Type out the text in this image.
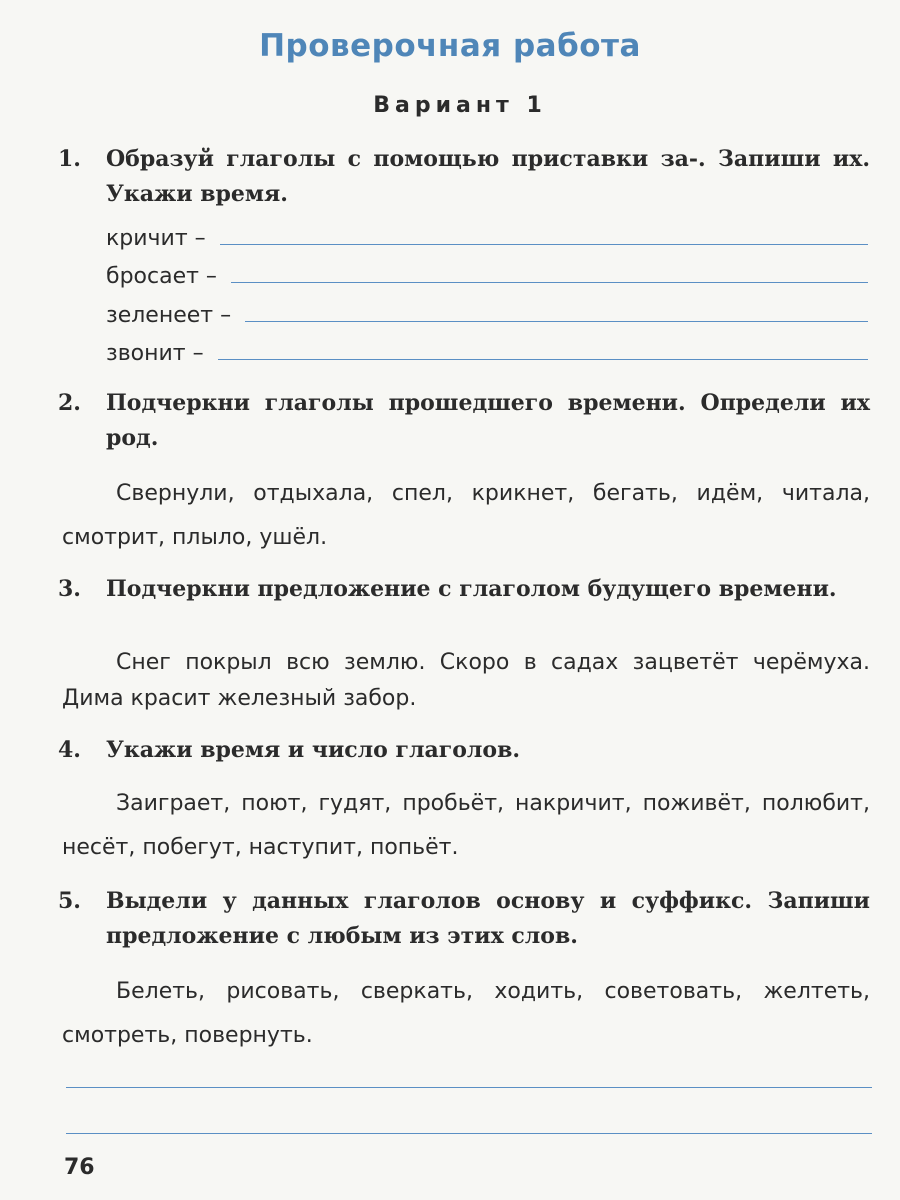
Проверочная работа
Вариант 1
1. Образуй глаголы с помощью приставки за-. Запиши их. Укажи время.
кричит –
бросает –
зеленеет –
звонит –
2. Подчеркни глаголы прошедшего времени. Определи их род.
Свернули, отдыхала, спел, крикнет, бегать, идём, читала, смотрит, плыло, ушёл.
3. Подчеркни предложение с глаголом будущего времени.
Снег покрыл всю землю. Скоро в садах зацветёт черёмуха. Дима красит железный забор.
4. Укажи время и число глаголов.
Заиграет, поют, гудят, пробьёт, накричит, поживёт, полюбит, несёт, побегут, наступит, попьёт.
5. Выдели у данных глаголов основу и суффикс. Запиши предложение с любым из этих слов.
Белеть, рисовать, сверкать, ходить, советовать, желтеть, смотреть, повернуть.
76
